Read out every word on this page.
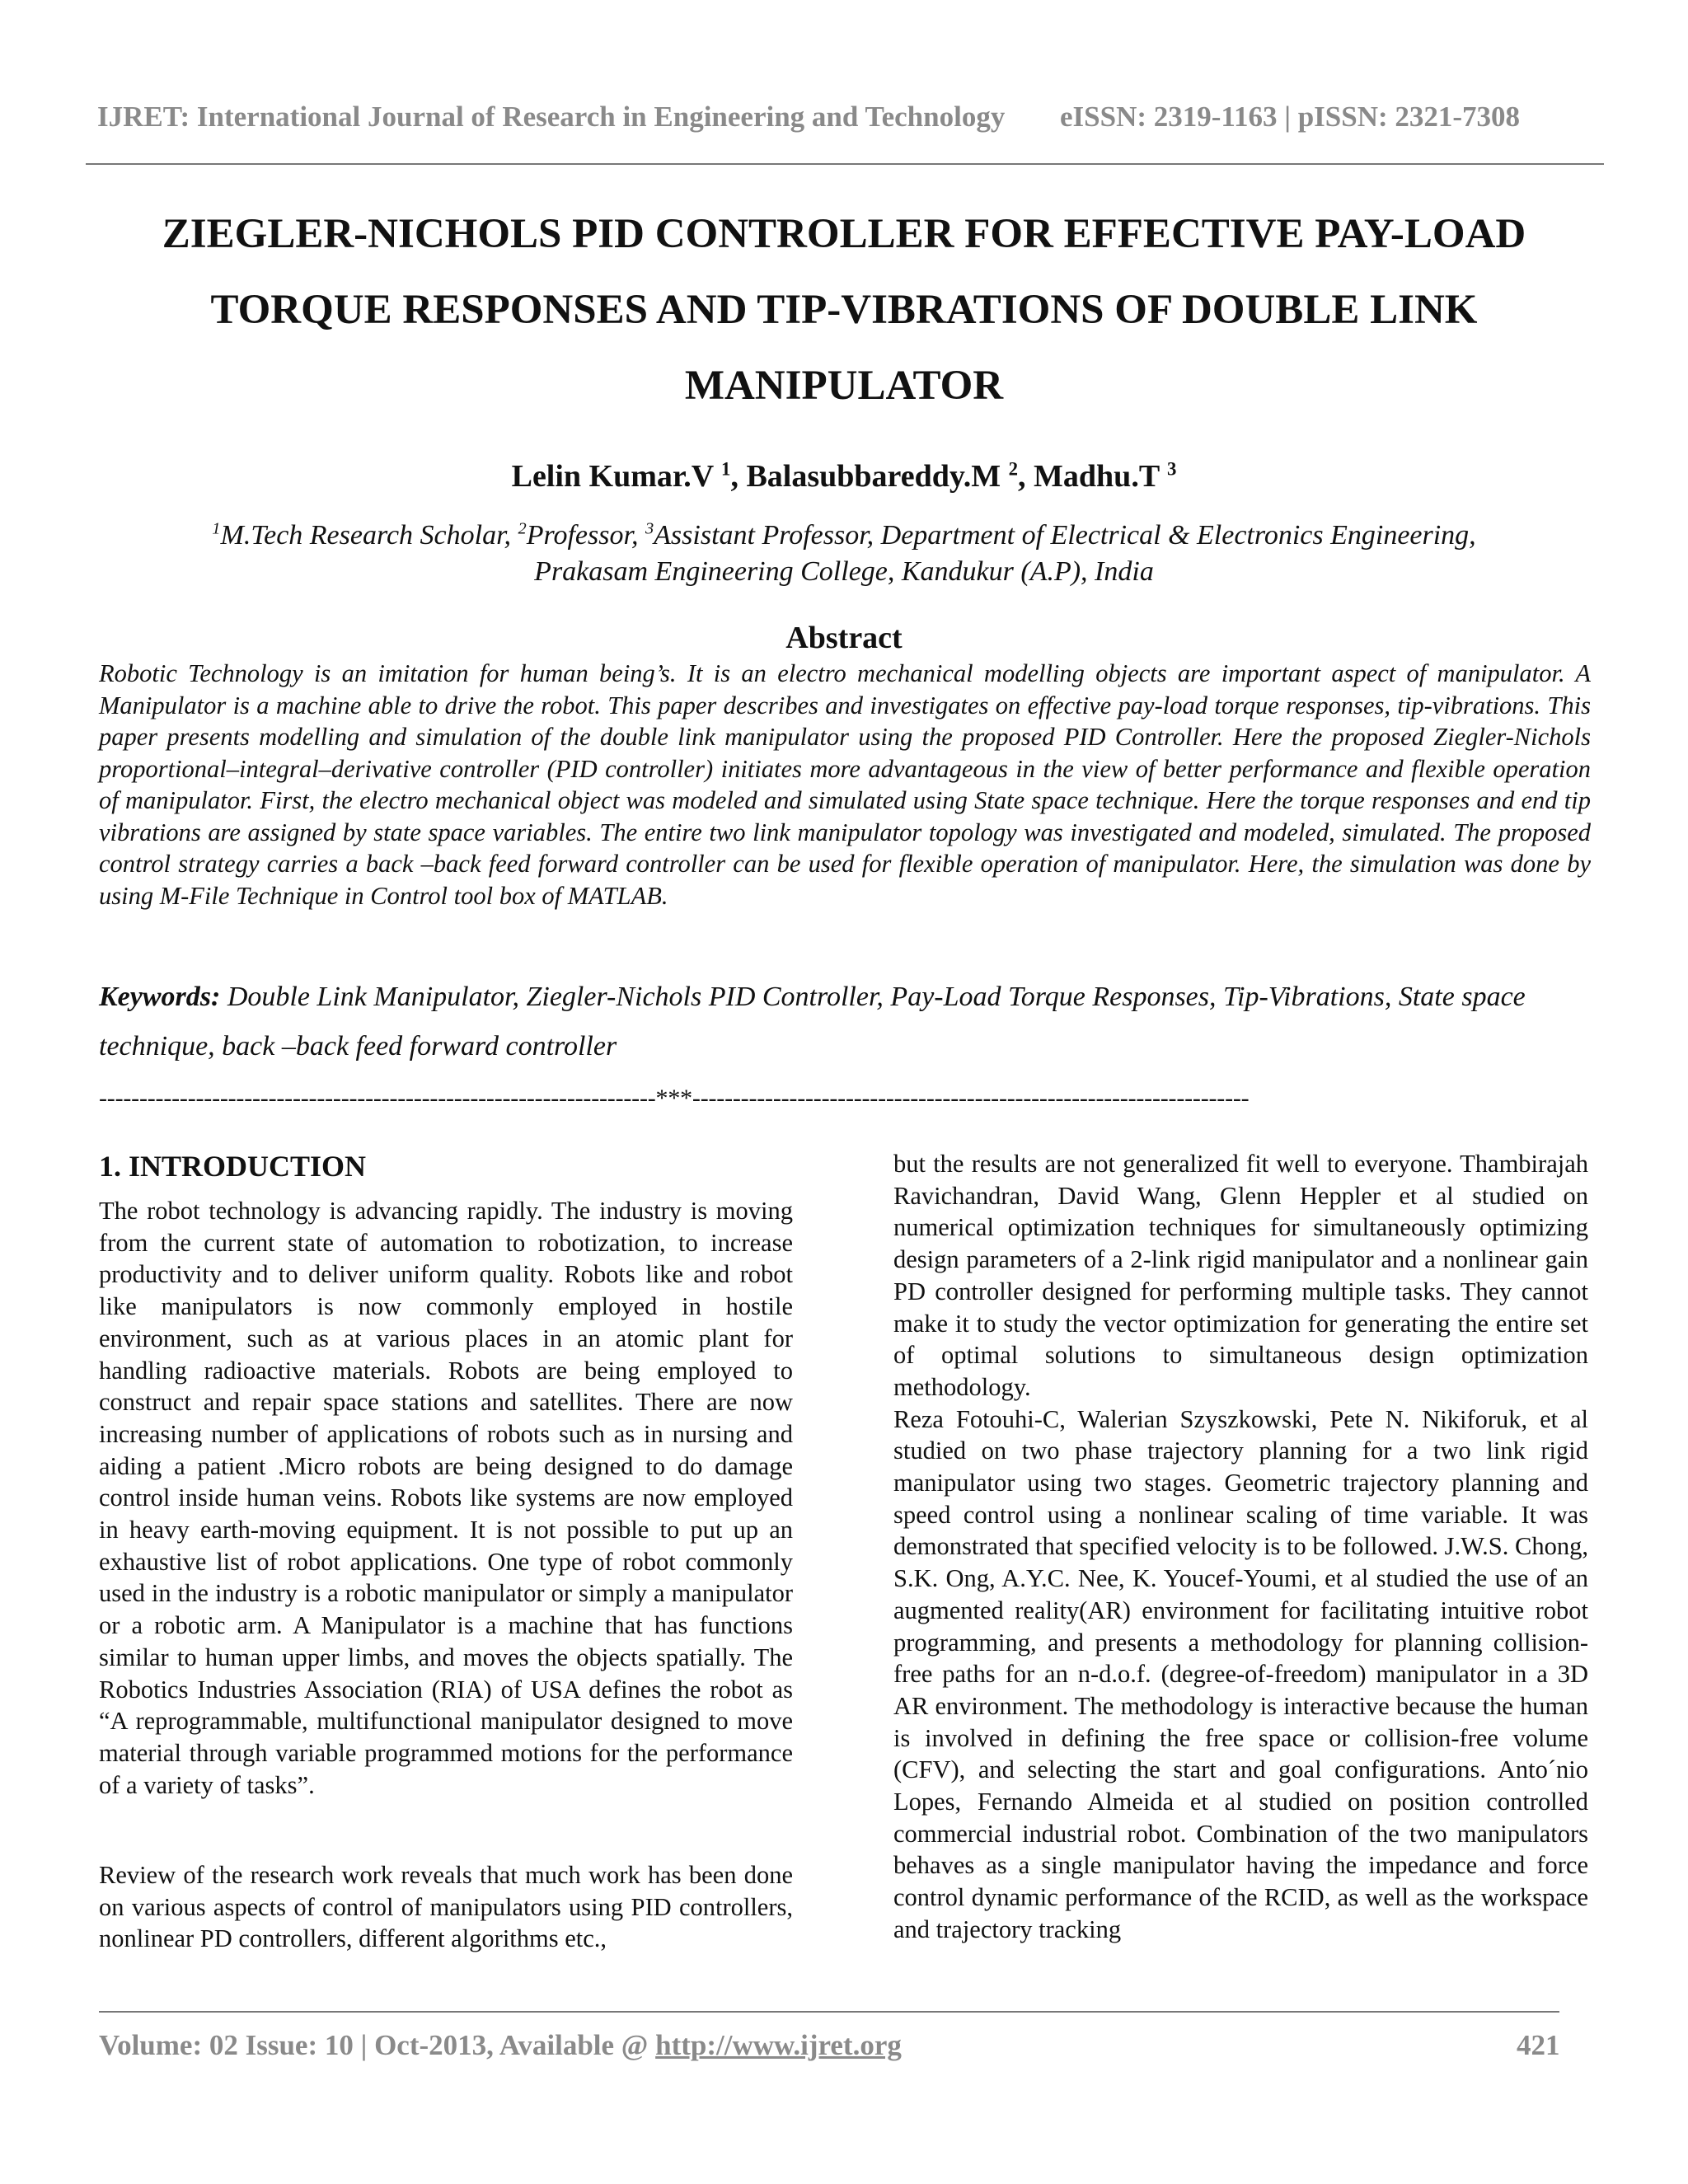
IJRET: International Journal of Research in Engineering and Technology eISSN: 2319-1163 | pISSN: 2321-7308
ZIEGLER-NICHOLS PID CONTROLLER FOR EFFECTIVE PAY-LOAD
TORQUE RESPONSES AND TIP-VIBRATIONS OF DOUBLE LINK
MANIPULATOR
Lelin Kumar.V $^1$, Balasubbareddy.M $^2$, Madhu.T $^3$
$^1$M.Tech Research Scholar, $^2$Professor, $^3$Assistant Professor, Department of Electrical & Electronics Engineering,
Prakasam Engineering College, Kandukur (A.P), India
Abstract
Robotic Technology is an imitation for human being’s. It is an electro mechanical modelling objects are important aspect of manipulator. A Manipulator is a machine able to drive the robot. This paper describes and investigates on effective pay-load torque responses, tip-vibrations. This paper presents modelling and simulation of the double link manipulator using the proposed PID Controller. Here the proposed Ziegler-Nichols proportional–integral–derivative controller (PID controller) initiates more advantageous in the view of better performance and flexible operation of manipulator. First, the electro mechanical object was modeled and simulated using State space technique. Here the torque responses and end tip vibrations are assigned by state space variables. The entire two link manipulator topology was investigated and modeled, simulated. The proposed control strategy carries a back –back feed forward controller can be used for flexible operation of manipulator. Here, the simulation was done by using M-File Technique in Control tool box of MATLAB.
Keywords: Double Link Manipulator, Ziegler-Nichols PID Controller, Pay-Load Torque Responses, Tip-Vibrations, State space technique, back –back feed forward controller
---------------------------------------------------------------------***---------------------------------------------------------------------
1. INTRODUCTION

The robot technology is advancing rapidly. The industry is moving from the current state of automation to robotization, to increase productivity and to deliver uniform quality. Robots like and robot like manipulators is now commonly employed in hostile environment, such as at various places in an atomic plant for handling radioactive materials. Robots are being employed to construct and repair space stations and satellites. There are now increasing number of applications of robots such as in nursing and aiding a patient .Micro robots are being designed to do damage control inside human veins. Robots like systems are now employed in heavy earth-moving equipment. It is not possible to put up an exhaustive list of robot applications. One type of robot commonly used in the industry is a robotic manipulator or simply a manipulator or a robotic arm. A Manipulator is a machine that has functions similar to human upper limbs, and moves the objects spatially. The Robotics Industries Association (RIA) of USA defines the robot as “A reprogrammable, multifunctional manipulator designed to move material through variable programmed motions for the performance of a variety of tasks”.

Review of the research work reveals that much work has been done on various aspects of control of manipulators using PID controllers, nonlinear PD controllers, different algorithms etc.,

but the results are not generalized fit well to everyone. Thambirajah Ravichandran, David Wang, Glenn Heppler et al studied on numerical optimization techniques for simultaneously optimizing design parameters of a 2-link rigid manipulator and a nonlinear gain PD controller designed for performing multiple tasks. They cannot make it to study the vector optimization for generating the entire set of optimal solutions to simultaneous design optimization methodology.

Reza Fotouhi-C, Walerian Szyszkowski, Pete N. Nikiforuk, et al studied on two phase trajectory planning for a two link rigid manipulator using two stages. Geometric trajectory planning and speed control using a nonlinear scaling of time variable. It was demonstrated that specified velocity is to be followed. J.W.S. Chong, S.K. Ong, A.Y.C. Nee, K. Youcef-Youmi, et al studied the use of an augmented reality(AR) environment for facilitating intuitive robot programming, and presents a methodology for planning collision-free paths for an n-d.o.f. (degree-of-freedom) manipulator in a 3D AR environment. The methodology is interactive because the human is involved in defining the free space or collision-free volume (CFV), and selecting the start and goal configurations. Anto´nio Lopes, Fernando Almeida et al studied on position controlled commercial industrial robot. Combination of the two manipulators behaves as a single manipulator having the impedance and force control dynamic performance of the RCID, as well as the workspace and trajectory tracking

Volume: 02 Issue: 10 | Oct-2013, Available @ http://www.ijret.org	421
